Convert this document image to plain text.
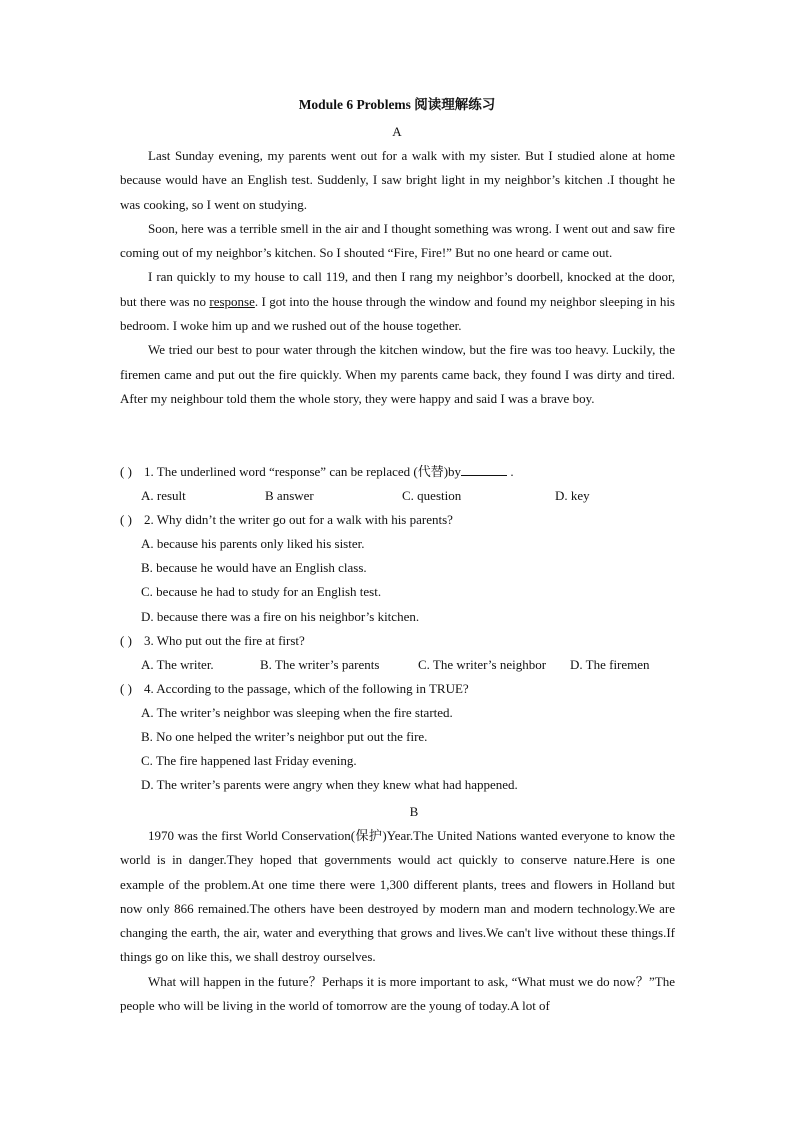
Module 6 Problems 阅读理解练习
A

Last Sunday evening, my parents went out for a walk with my sister. But I studied alone at home because would have an English test. Suddenly, I saw bright light in my neighbor’s kitchen .I thought he was cooking, so I went on studying.

Soon, here was a terrible smell in the air and I thought something was wrong. I went out and saw fire coming out of my neighbor’s kitchen. So I shouted “Fire, Fire!” But no one heard or came out.

I ran quickly to my house to call 119, and then I rang my neighbor’s doorbell, knocked at the door, but there was no response. I got into the house through the window and found my neighbor sleeping in his bedroom. I woke him up and we rushed out of the house together.

We tried our best to pour water through the kitchen window, but the fire was too heavy. Luckily, the firemen came and put out the fire quickly. When my parents came back, they found I was dirty and tired. After my neighbour told them the whole story, they were happy and said I was a brave boy.

( ) 1. The underlined word “response” can be replaced (代替)by	.

A. result	B answer	C. question	D. key

( ) 2. Why didn’t the writer go out for a walk with his parents?

A. because his parents only liked his sister.

B. because he would have an English class.

C. because he had to study for an English test.

D. because there was a fire on his neighbor’s kitchen.

( ) 3. Who put out the fire at first?

A. The writer.	B. The writer’s parents	C. The writer’s neighbor D. The firemen

( ) 4. According to the passage, which of the following in TRUE?

A. The writer’s neighbor was sleeping when the fire started.

B. No one helped the writer’s neighbor put out the fire.

C. The fire happened last Friday evening.

D. The writer’s parents were angry when they knew what had happened.

B

1970 was the first World Conservation(保护)Year.The United Nations wanted everyone to know the world is in danger.They hoped that governments would act quickly to conserve nature.Here is one example of the problem.At one time there were 1,300 different plants, trees and flowers in Holland but now only 866 remained.The others have been destroyed by modern man and modern technology.We are changing the earth, the air, water and everything that grows and lives.We can't live without these things.If things go on like this, we shall destroy ourselves.

What will happen in the future？Perhaps it is more important to ask, “What must we do now？”The people who will be living in the world of tomorrow are the young of today.A lot of
